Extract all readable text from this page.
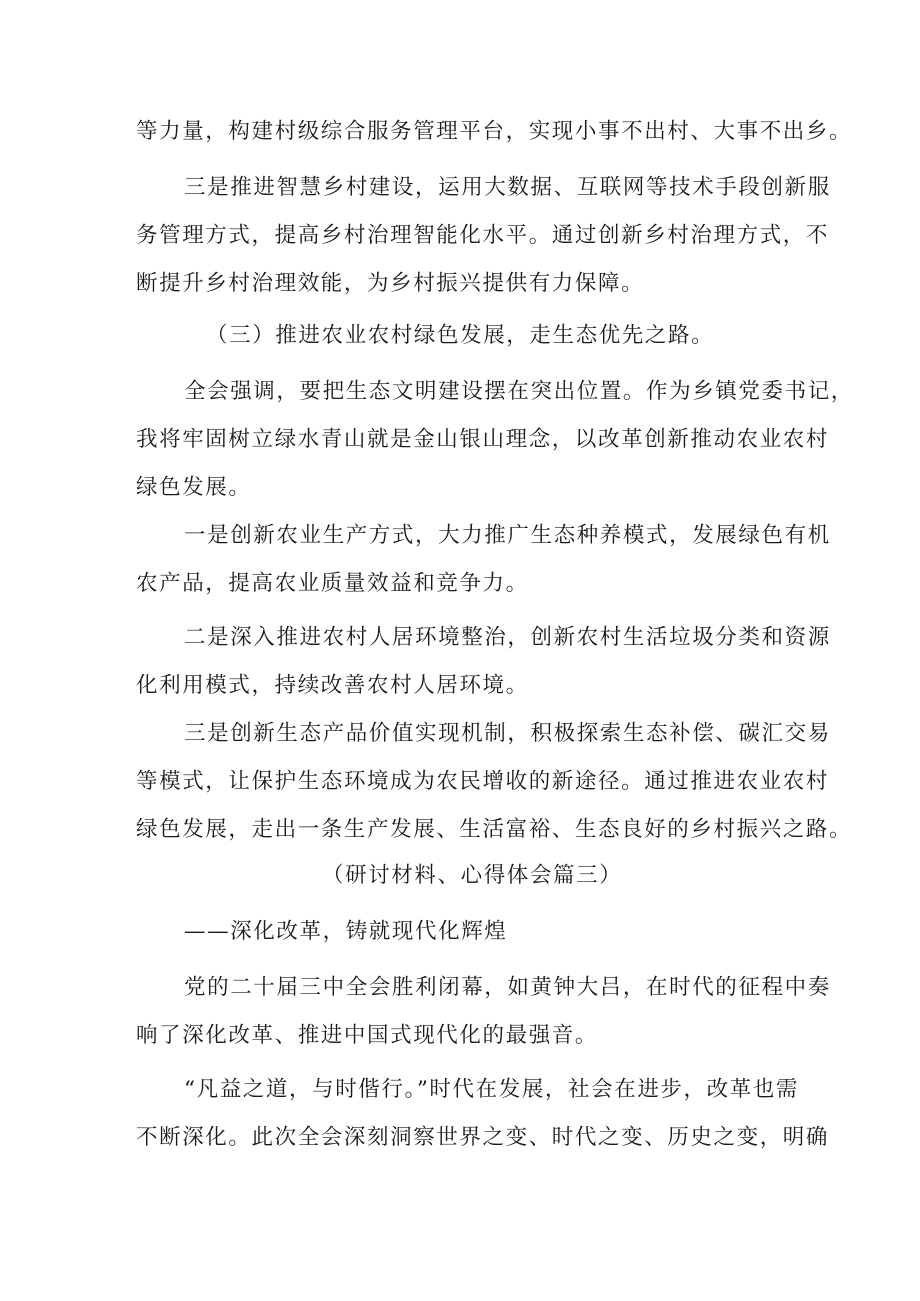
等力量，构建村级综合服务管理平台，实现小事不出村、大事不出乡。
三是推进智慧乡村建设，运用大数据、互联网等技术手段创新服
务管理方式，提高乡村治理智能化水平。通过创新乡村治理方式，不
断提升乡村治理效能，为乡村振兴提供有力保障。
（三）推进农业农村绿色发展，走生态优先之路。
全会强调，要把生态文明建设摆在突出位置。作为乡镇党委书记，
我将牢固树立绿水青山就是金山银山理念，以改革创新推动农业农村
绿色发展。
一是创新农业生产方式，大力推广生态种养模式，发展绿色有机
农产品，提高农业质量效益和竞争力。
二是深入推进农村人居环境整治，创新农村生活垃圾分类和资源
化利用模式，持续改善农村人居环境。
三是创新生态产品价值实现机制，积极探索生态补偿、碳汇交易
等模式，让保护生态环境成为农民增收的新途径。通过推进农业农村
绿色发展，走出一条生产发展、生活富裕、生态良好的乡村振兴之路。
（研讨材料、心得体会篇三）
——深化改革，铸就现代化辉煌
党的二十届三中全会胜利闭幕，如黄钟大吕，在时代的征程中奏
响了深化改革、推进中国式现代化的最强音。
“凡益之道，与时偕行。”时代在发展，社会在进步，改革也需
不断深化。此次全会深刻洞察世界之变、时代之变、历史之变，明确
